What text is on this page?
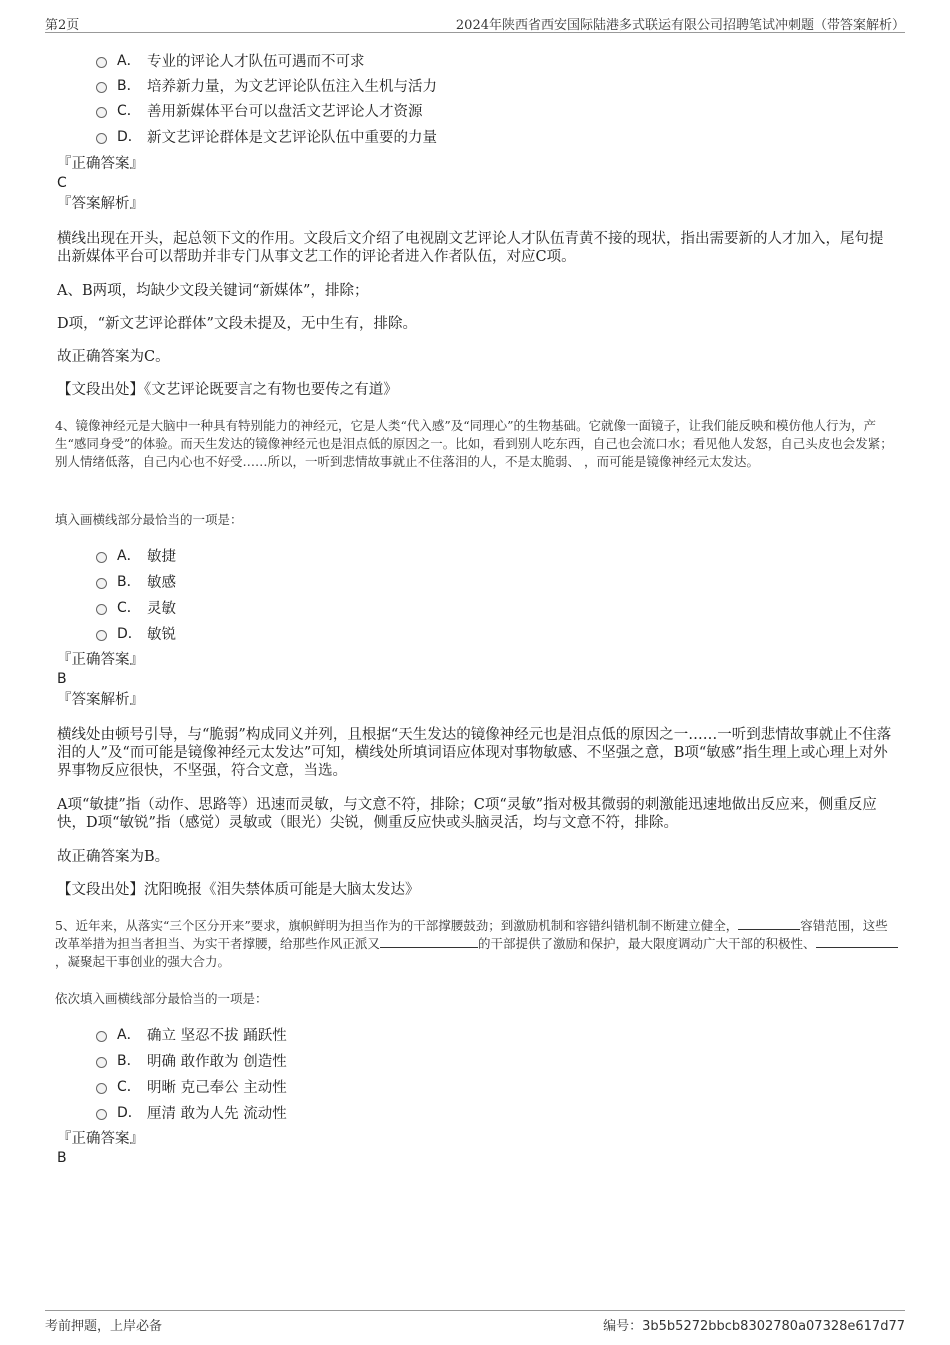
第2页	2024年陕西省西安国际陆港多式联运有限公司招聘笔试冲刺题（带答案解析）
A． 专业的评论人才队伍可遇而不可求
B． 培养新力量，为文艺评论队伍注入生机与活力
C． 善用新媒体平台可以盘活文艺评论人才资源
D． 新文艺评论群体是文艺评论队伍中重要的力量
『正确答案』
C
『答案解析』
横线出现在开头，起总领下文的作用。文段后文介绍了电视剧文艺评论人才队伍青黄不接的现状，指出需要新的人才加入，尾句提出新媒体平台可以帮助并非专门从事文艺工作的评论者进入作者队伍，对应C项。
A、B两项，均缺少文段关键词“新媒体”，排除；
D项，“新文艺评论群体”文段未提及，无中生有，排除。
故正确答案为C。
【文段出处】《文艺评论既要言之有物也要传之有道》
4、镜像神经元是大脑中一种具有特别能力的神经元，它是人类“代入感”及“同理心”的生物基础。它就像一面镜子，让我们能反映和模仿他人行为，产生“感同身受”的体验。而天生发达的镜像神经元也是泪点低的原因之一。比如，看到别人吃东西，自己也会流口水；看见他人发怒，自己头皮也会发紧；别人情绪低落，自己内心也不好受……所以，一听到悲情故事就止不住落泪的人，不是太脆弱、 ，而可能是镜像神经元太发达。
填入画横线部分最恰当的一项是：
A． 敏捷
B． 敏感
C． 灵敏
D． 敏锐
『正确答案』
B
『答案解析』
横线处由顿号引导，与“脆弱”构成同义并列，且根据“天生发达的镜像神经元也是泪点低的原因之一……一听到悲情故事就止不住落泪的人”及“而可能是镜像神经元太发达”可知，横线处所填词语应体现对事物敏感、不坚强之意，B项“敏感”指生理上或心理上对外界事物反应很快，不坚强，符合文意，当选。
A项“敏捷”指（动作、思路等）迅速而灵敏，与文意不符，排除；C项“灵敏”指对极其微弱的刺激能迅速地做出反应来，侧重反应快，D项“敏锐”指（感觉）灵敏或（眼光）尖锐，侧重反应快或头脑灵活，均与文意不符，排除。
故正确答案为B。
【文段出处】沈阳晚报《泪失禁体质可能是大脑太发达》
5、近年来，从落实“三个区分开来”要求，旗帜鲜明为担当作为的干部撑腰鼓劲；到激励机制和容错纠错机制不断建立健全，	容错范围，这些改革举措为担当者担当、为实干者撑腰，给那些作风正派又	的干部提供了激励和保护，最大限度调动广大干部的积极性、，凝聚起干事创业的强大合力。
依次填入画横线部分最恰当的一项是：
A． 确立 坚忍不拔 踊跃性
B． 明确 敢作敢为 创造性
C． 明晰 克己奉公 主动性
D． 厘清 敢为人先 流动性
『正确答案』
B
考前押题，上岸必备	编号：3b5b5272bbcb8302780a07328e617d77
